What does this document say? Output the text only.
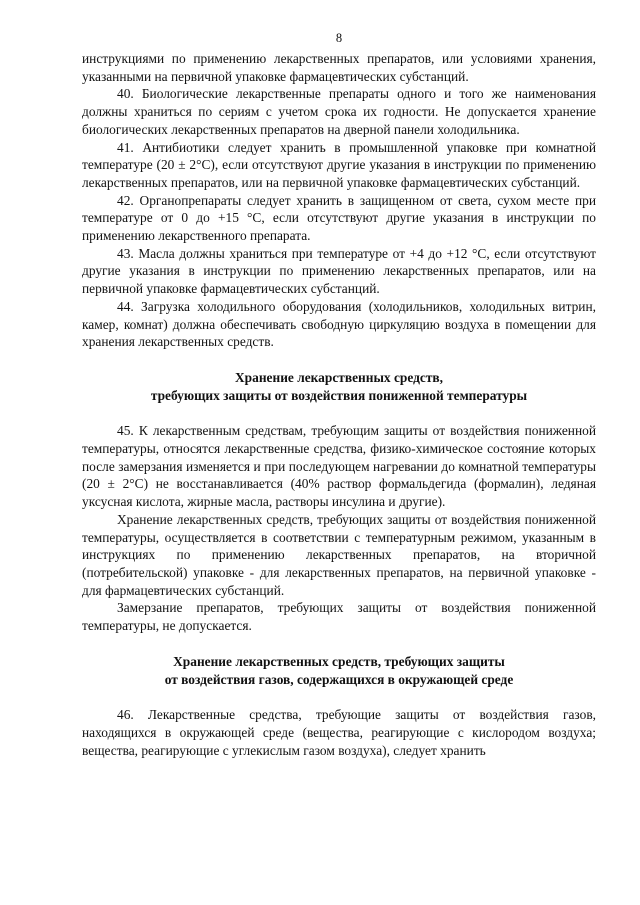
8

инструкциями по применению лекарственных препаратов, или условиями хранения, указанными на первичной упаковке фармацевтических субстанций.

40. Биологические лекарственные препараты одного и того же наименования должны храниться по сериям с учетом срока их годности. Не допускается хранение биологических лекарственных препаратов на дверной панели холодильника.

41. Антибиотики следует хранить в промышленной упаковке при комнатной температуре (20 ± 2°С), если отсутствуют другие указания в инструкции по применению лекарственных препаратов, или на первичной упаковке фармацевтических субстанций.

42. Органопрепараты следует хранить в защищенном от света, сухом месте при температуре от 0 до +15 °С, если отсутствуют другие указания в инструкции по применению лекарственного препарата.

43. Масла должны храниться при температуре от +4 до +12 °С, если отсутствуют другие указания в инструкции по применению лекарственных препаратов, или на первичной упаковке фармацевтических субстанций.

44. Загрузка холодильного оборудования (холодильников, холодильных витрин, камер, комнат) должна обеспечивать свободную циркуляцию воздуха в помещении для хранения лекарственных средств.

Хранение лекарственных средств,
требующих защиты от воздействия пониженной температуры

45. К лекарственным средствам, требующим защиты от воздействия пониженной температуры, относятся лекарственные средства, физико-химическое состояние которых после замерзания изменяется и при последующем нагревании до комнатной температуры (20 ± 2°С) не восстанавливается (40% раствор формальдегида (формалин), ледяная уксусная кислота, жирные масла, растворы инсулина и другие).

Хранение лекарственных средств, требующих защиты от воздействия пониженной температуры, осуществляется в соответствии с температурным режимом, указанным в инструкциях по применению лекарственных препаратов, на вторичной (потребительской) упаковке - для лекарственных препаратов, на первичной упаковке - для фармацевтических субстанций.

Замерзание препаратов, требующих защиты от воздействия пониженной температуры, не допускается.

Хранение лекарственных средств, требующих защиты
от воздействия газов, содержащихся в окружающей среде

46. Лекарственные средства, требующие защиты от воздействия газов, находящихся в окружающей среде (вещества, реагирующие с кислородом воздуха; вещества, реагирующие с углекислым газом воздуха), следует хранить
